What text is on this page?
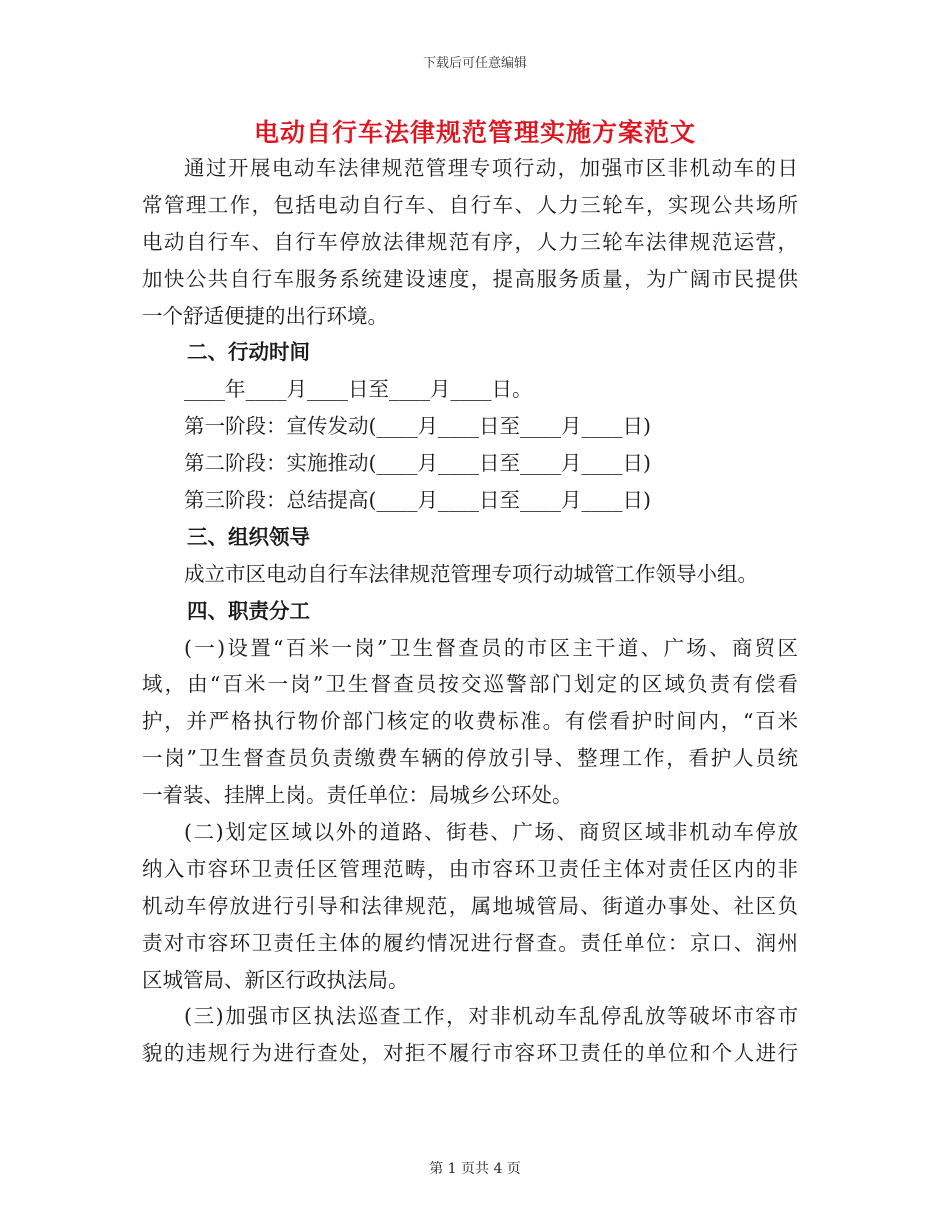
下载后可任意编辑
电动自行车法律规范管理实施方案范文
通过开展电动车法律规范管理专项行动，加强市区非机动车的日
常管理工作，包括电动自行车、自行车、人力三轮车，实现公共场所
电动自行车、自行车停放法律规范有序，人力三轮车法律规范运营，
加快公共自行车服务系统建设速度，提高服务质量，为广阔市民提供
一个舒适便捷的出行环境。
二、行动时间
____年____月____日至____月____日。
第一阶段：宣传发动(____月____日至____月____日)
第二阶段：实施推动(____月____日至____月____日)
第三阶段：总结提高(____月____日至____月____日)
三、组织领导
成立市区电动自行车法律规范管理专项行动城管工作领导小组。
四、职责分工
(一)设置“百米一岗”卫生督查员的市区主干道、广场、商贸区
域，由“百米一岗”卫生督查员按交巡警部门划定的区域负责有偿看
护，并严格执行物价部门核定的收费标准。有偿看护时间内，“百米
一岗”卫生督查员负责缴费车辆的停放引导、整理工作，看护人员统
一着装、挂牌上岗。责任单位：局城乡公环处。
(二)划定区域以外的道路、街巷、广场、商贸区域非机动车停放
纳入市容环卫责任区管理范畴，由市容环卫责任主体对责任区内的非
机动车停放进行引导和法律规范，属地城管局、街道办事处、社区负
责对市容环卫责任主体的履约情况进行督查。责任单位：京口、润州
区城管局、新区行政执法局。
(三)加强市区执法巡查工作，对非机动车乱停乱放等破坏市容市
貌的违规行为进行查处，对拒不履行市容环卫责任的单位和个人进行
第 1 页共 4 页
